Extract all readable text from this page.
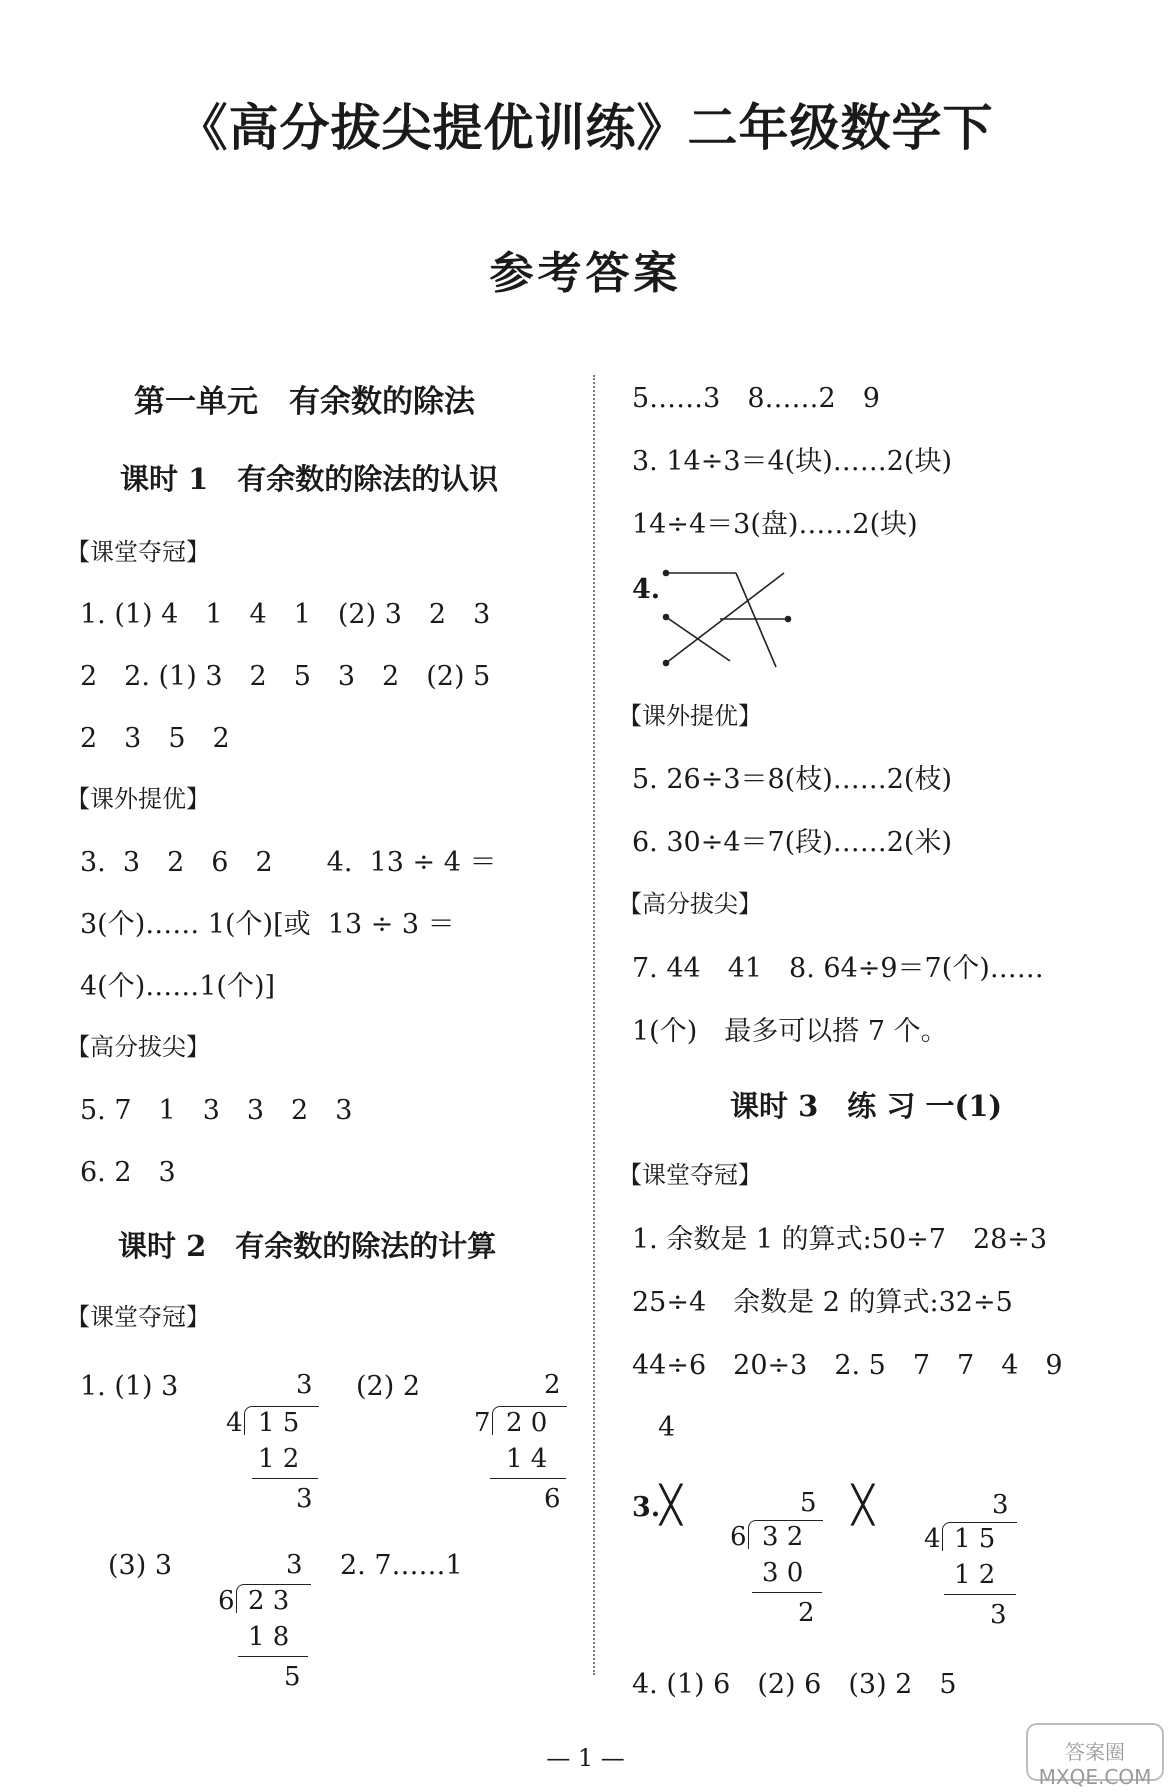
《高分拔尖提优训练》二年级数学下
参考答案
第一单元　有余数的除法
课时 1　有余数的除法的认识
【课堂夺冠】
1. (1) 4　1　4　1　(2) 3　2　3
2　2. (1) 3　2　5　3　2　(2) 5
2　3　5　2
【课外提优】
3.  3　2　6　2　　4.  13 ÷ 4 ＝
3(个)…… 1(个)[或  13 ÷ 3 ＝
4(个)……1(个)]
【高分拔尖】
5. 7　1　3　3　2　3
6. 2　3
课时 2　有余数的除法的计算
【课堂夺冠】
1. (1) 3	(2) 2
(3) 3	2. 7……1
3
4 1 5
1 2
3
2
7 2 0
1 4
6
3
6 2 3
1 8
5
5……3　8……2　9
3. 14÷3＝4(块)……2(块)
14÷4＝3(盘)……2(块)
4.
【课外提优】
5. 26÷3＝8(枝)……2(枝)
6. 30÷4＝7(段)……2(米)
【高分拔尖】
7. 44　41　8. 64÷9＝7(个)……
1(个)　最多可以搭 7 个。
课时 3　练 习 一(1)
【课堂夺冠】
1. 余数是 1 的算式:50÷7　28÷3
25÷4　余数是 2 的算式:32÷5
44÷6　20÷3　2. 5　7　7　4　9
4
3. ╳	╳
5
6 3 2
3 0
2
3
4 1 5
1 2
3
4. (1) 6　(2) 6　(3) 2　5
— 1 —	答案圈 MXQE.COM
